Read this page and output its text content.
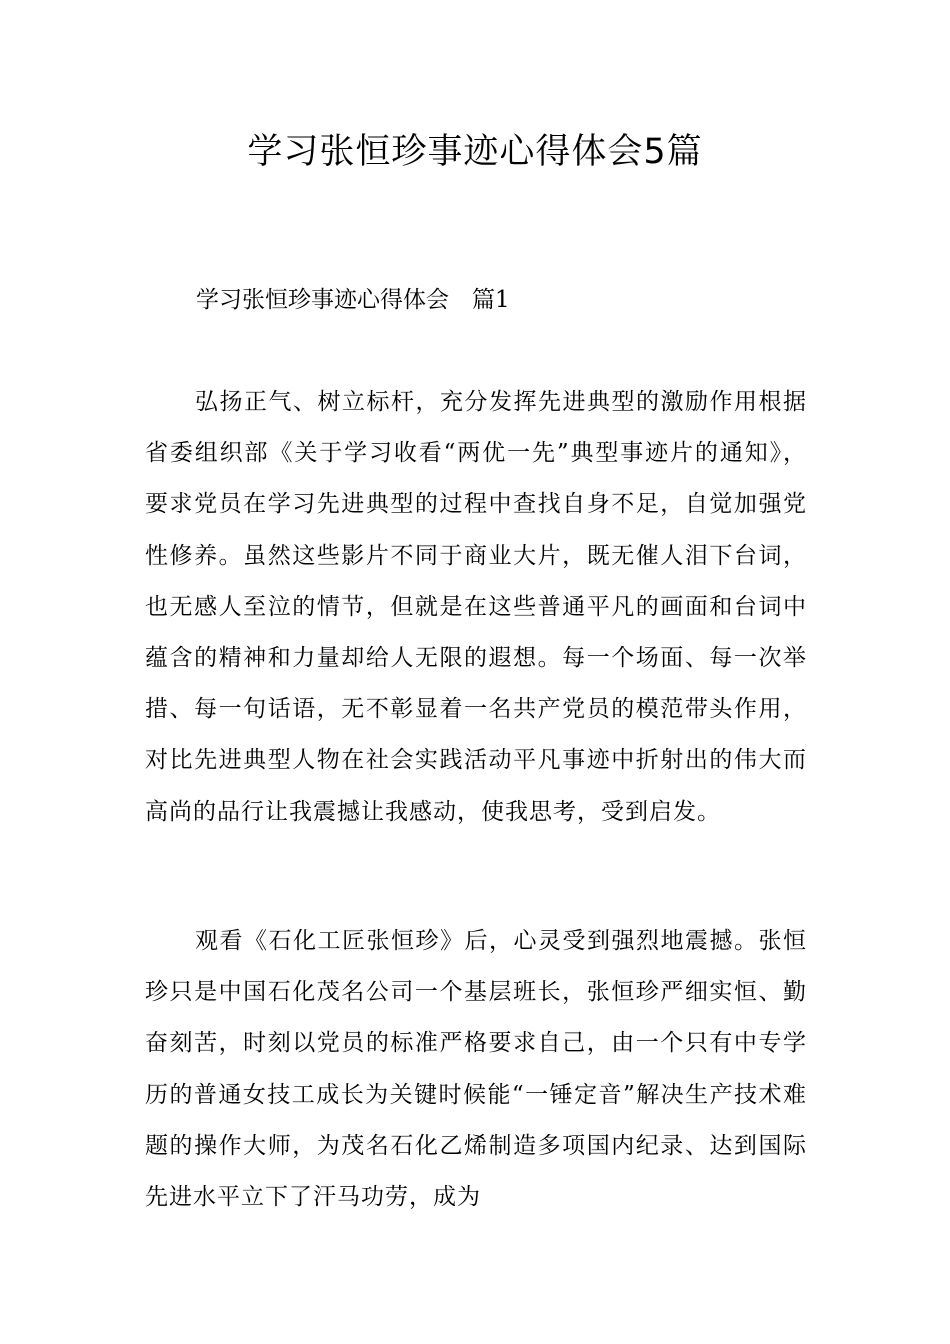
学习张恒珍事迹心得体会5篇
学习张恒珍事迹心得体会　篇1

弘扬正气、树立标杆，充分发挥先进典型的激励作用根据省委组织部《关于学习收看“两优一先”典型事迹片的通知》，要求党员在学习先进典型的过程中查找自身不足，自觉加强党性修养。虽然这些影片不同于商业大片，既无催人泪下台词，也无感人至泣的情节，但就是在这些普通平凡的画面和台词中蕴含的精神和力量却给人无限的遐想。每一个场面、每一次举措、每一句话语，无不彰显着一名共产党员的模范带头作用，对比先进典型人物在社会实践活动平凡事迹中折射出的伟大而高尚的品行让我震撼让我感动，使我思考，受到启发。

观看《石化工匠张恒珍》后，心灵受到强烈地震撼。张恒珍只是中国石化茂名公司一个基层班长，张恒珍严细实恒、勤奋刻苦，时刻以党员的标准严格要求自己，由一个只有中专学历的普通女技工成长为关键时候能“一锤定音”解决生产技术难题的操作大师，为茂名石化乙烯制造多项国内纪录、达到国际先进水平立下了汗马功劳，成为
